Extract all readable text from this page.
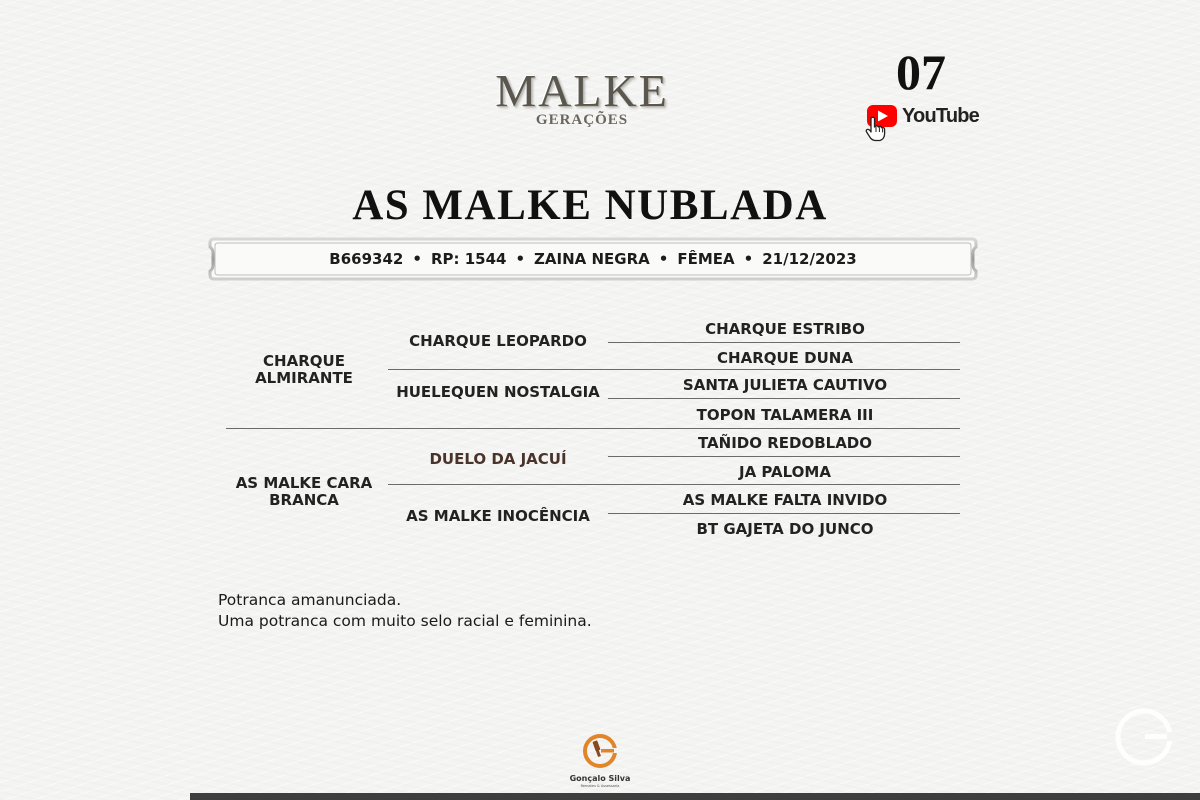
MALKE
GERAÇÕES
07
YouTube
AS MALKE NUBLADA
B669342 • RP: 1544 • ZAINA NEGRA • FÊMEA • 21/12/2023
CHARQUE ALMIRANTE
AS MALKE CARA BRANCA
CHARQUE LEOPARDO
HUELEQUEN NOSTALGIA
DUELO DA JACUÍ
AS MALKE INOCÊNCIA
CHARQUE ESTRIBO
CHARQUE DUNA
SANTA JULIETA CAUTIVO
TOPON TALAMERA III
TAÑIDO REDOBLADO
JA PALOMA
AS MALKE FALTA INVIDO
BT GAJETA DO JUNCO
Potranca amanunciada.
Uma potranca com muito selo racial e feminina.
Gonçalo Silva
Remates & Assessoria
